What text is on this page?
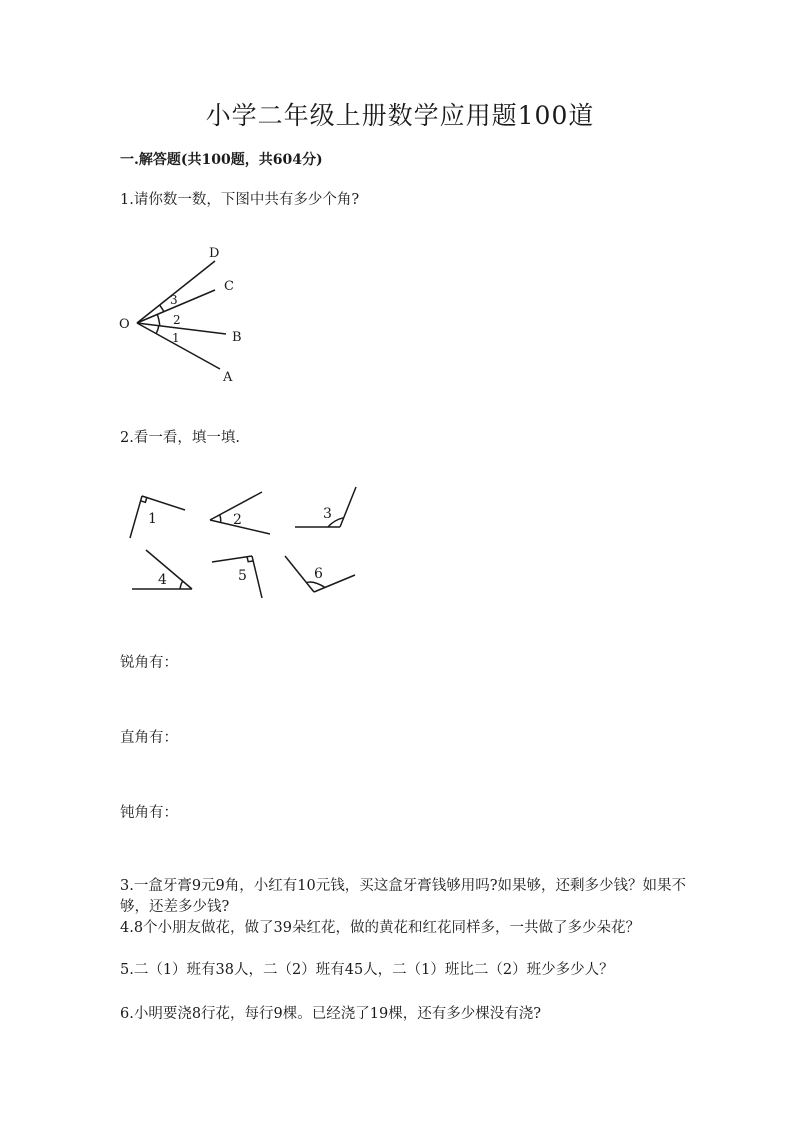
小学二年级上册数学应用题100道
一.解答题(共100题，共604分)
1.请你数一数，下图中共有多少个角?
O
D
C
B
A
3
2
1
2.看一看，填一填.
1	2	3
4	5	6
锐角有：
直角有：
钝角有：
3.一盒牙膏9元9角，小红有10元钱，买这盒牙膏钱够用吗?如果够，还剩多少钱？如果不够，还差多少钱?
4.8个小朋友做花，做了39朵红花，做的黄花和红花同样多，一共做了多少朵花？
5.二（1）班有38人，二（2）班有45人，二（1）班比二（2）班少多少人？
6.小明要浇8行花，每行9棵。已经浇了19棵，还有多少棵没有浇?
